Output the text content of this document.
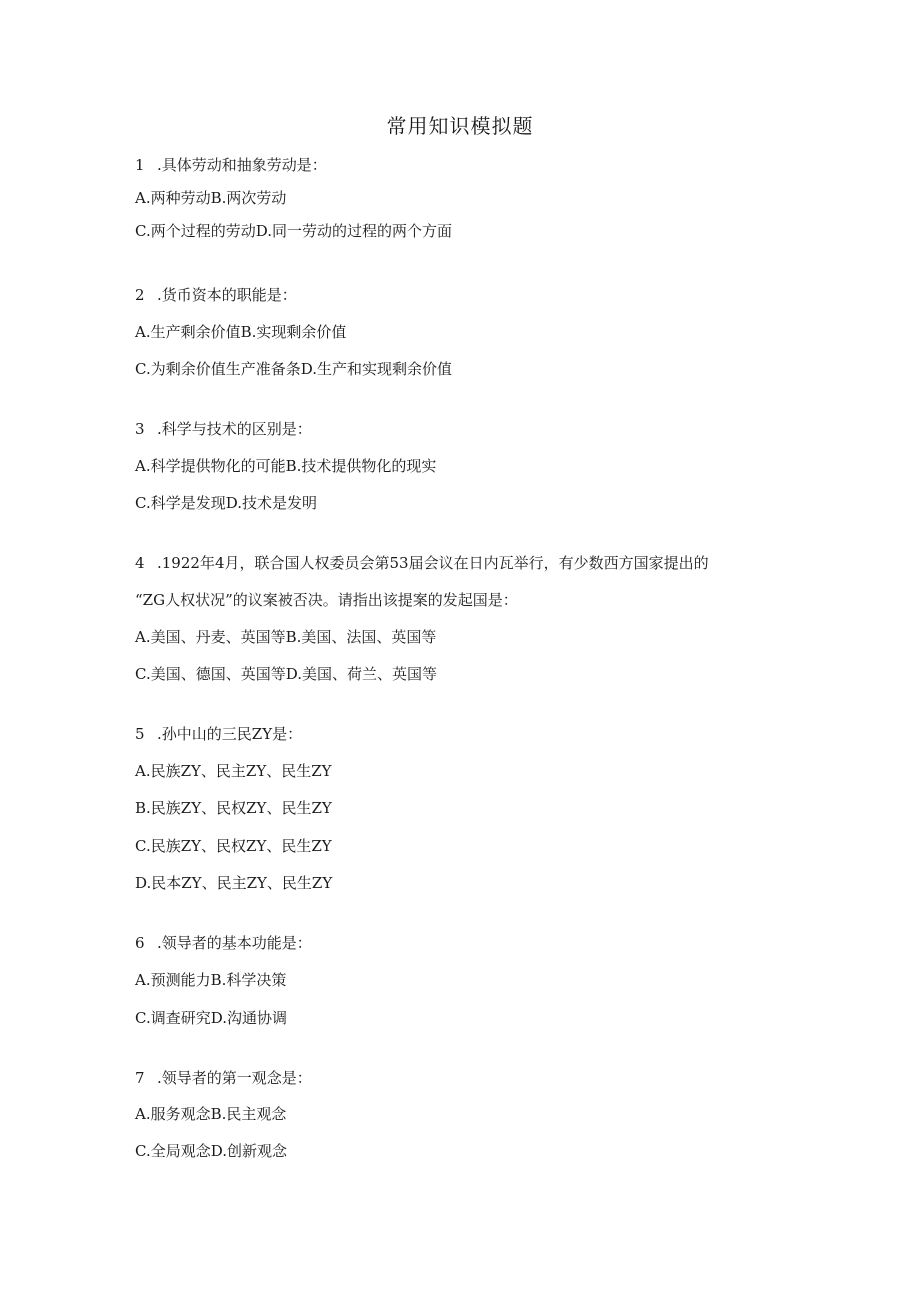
常用知识模拟题
1 .具体劳动和抽象劳动是：
A.两种劳动B.两次劳动
C.两个过程的劳动D.同一劳动的过程的两个方面
2 .货币资本的职能是：
A.生产剩余价值B.实现剩余价值
C.为剩余价值生产准备条D.生产和实现剩余价值
3 .科学与技术的区别是：
A.科学提供物化的可能B.技术提供物化的现实
C.科学是发现D.技术是发明
4 .1922年4月，联合国人权委员会第53届会议在日内瓦举行，有少数西方国家提出的
“ZG人权状况”的议案被否决。请指出该提案的发起国是：
A.美国、丹麦、英国等B.美国、法国、英国等
C.美国、德国、英国等D.美国、荷兰、英国等
5 .孙中山的三民ZY是：
A.民族ZY、民主ZY、民生ZY
B.民族ZY、民权ZY、民生ZY
C.民族ZY、民权ZY、民生ZY
D.民本ZY、民主ZY、民生ZY
6 .领导者的基本功能是：
A.预测能力B.科学决策
C.调查研究D.沟通协调
7 .领导者的第一观念是：
A.服务观念B.民主观念
C.全局观念D.创新观念
